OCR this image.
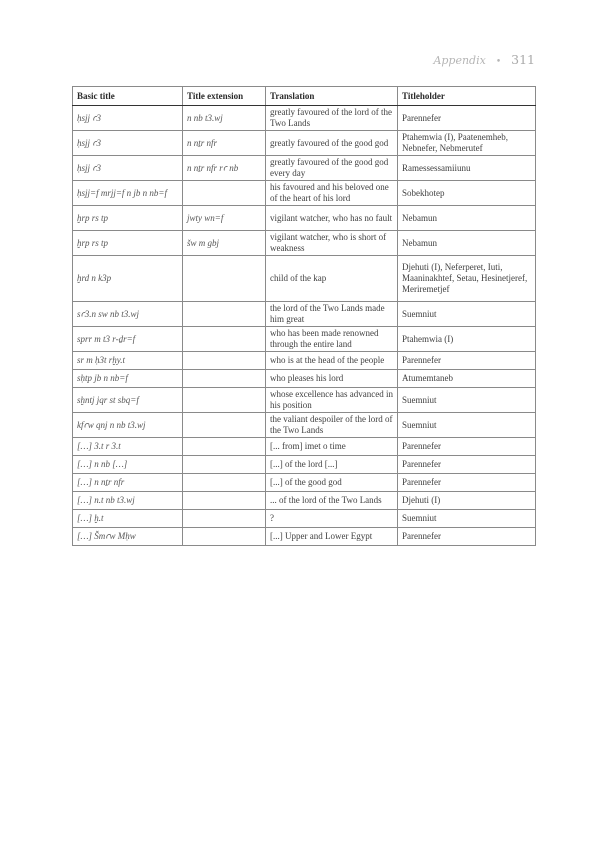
Appendix • 311
Basic title	Title extension	Translation	Titleholder
ḥsjj ꜥ3	n nb t3.wj	greatly favoured of the lord of the Two Lands	Parennefer
ḥsjj ꜥ3	n nṯr nfr	greatly favoured of the good god	Ptahemwia (I), Paatenemheb, Nebnefer, Nebmerutef
ḥsjj ꜥ3	n nṯr nfr rꜥ nb	greatly favoured of the good god every day	Ramessessamiiunu
ḥsjj=f mrjj=f n jb n nb=f		his favoured and his beloved one of the heart of his lord	Sobekhotep
ḫrp rs tp	jwty wn=f	vigilant watcher, who has no fault	Nebamun
ḫrp rs tp	šw m gbj	vigilant watcher, who is short of weakness	Nebamun
ḫrd n k3p		child of the kap	Djehuti (I), Neferperet, Iuti, Maaninakhtef, Setau, Hesinetjeref, Meriremetjef
sꜥ3.n sw nb t3.wj		the lord of the Two Lands made him great	Suemniut
sprr m t3 r-ḏr=f		who has been made renowned through the entire land	Ptahemwia (I)
sr m ḥ3t rḫy.t		who is at the head of the people	Parennefer
sḥtp jb n nb=f		who pleases his lord	Atumemtaneb
sḫntj jqr st sbq=f		whose excellence has advanced in his position	Suemniut
kfꜥw qnj n nb t3.wj		the valiant despoiler of the lord of the Two Lands	Suemniut
[…] 3.t r 3.t		[... from] imet o time	Parennefer
[…] n nb […]		[...] of the lord [...]	Parennefer
[…] n nṯr nfr		[...] of the good god	Parennefer
[…] n.t nb t3.wj		... of the lord of the Two Lands	Djehuti (I)
[…] ḫ.t		?	Suemniut
[…] Šmꜥw Mḥw		[...] Upper and Lower Egypt	Parennefer
